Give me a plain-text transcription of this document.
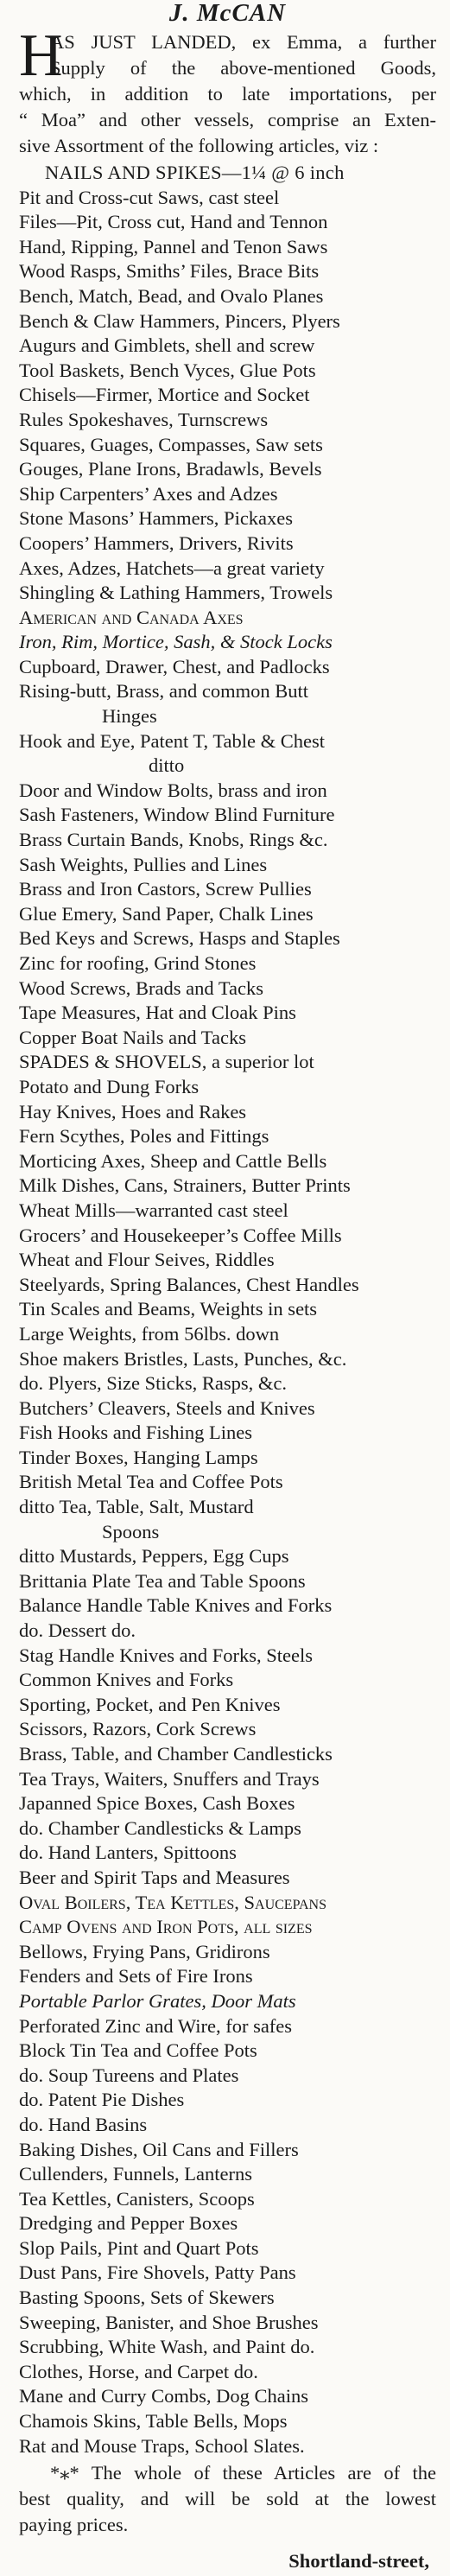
J. McCAN
H
AS JUST LANDED, ex Emma, a further
Supply of the above-mentioned Goods,
which, in addition to late importations, per
“ Moa” and other vessels, comprise an Exten-
sive Assortment of the following articles, viz :
NAILS AND SPIKES—1¼ @ 6 inch
Pit and Cross-cut Saws, cast steel
Files—Pit, Cross cut, Hand and Tennon
Hand, Ripping, Pannel and Tenon Saws
Wood Rasps, Smiths’ Files, Brace Bits
Bench, Match, Bead, and Ovalo Planes
Bench & Claw Hammers, Pincers, Plyers
Augurs and Gimblets, shell and screw
Tool Baskets, Bench Vyces, Glue Pots
Chisels—Firmer, Mortice and Socket
Rules Spokeshaves, Turnscrews
Squares, Guages, Compasses, Saw sets
Gouges, Plane Irons, Bradawls, Bevels
Ship Carpenters’ Axes and Adzes
Stone Masons’ Hammers, Pickaxes
Coopers’ Hammers, Drivers, Rivits
Axes, Adzes, Hatchets—a great variety
Shingling & Lathing Hammers, Trowels
American and Canada Axes
Iron, Rim, Mortice, Sash, & Stock Locks
Cupboard, Drawer, Chest, and Padlocks
Rising-butt, Brass, and common Butt
Hinges
Hook and Eye, Patent T, Table & Chest
ditto
Door and Window Bolts, brass and iron
Sash Fasteners, Window Blind Furniture
Brass Curtain Bands, Knobs, Rings &c.
Sash Weights, Pullies and Lines
Brass and Iron Castors, Screw Pullies
Glue Emery, Sand Paper, Chalk Lines
Bed Keys and Screws, Hasps and Staples
Zinc for roofing, Grind Stones
Wood Screws, Brads and Tacks
Tape Measures, Hat and Cloak Pins
Copper Boat Nails and Tacks
SPADES & SHOVELS, a superior lot
Potato and Dung Forks
Hay Knives, Hoes and Rakes
Fern Scythes, Poles and Fittings
Morticing Axes, Sheep and Cattle Bells
Milk Dishes, Cans, Strainers, Butter Prints
Wheat Mills—warranted cast steel
Grocers’ and Housekeeper’s Coffee Mills
Wheat and Flour Seives, Riddles
Steelyards, Spring Balances, Chest Handles
Tin Scales and Beams, Weights in sets
Large Weights, from 56lbs. down
Shoe makers Bristles, Lasts, Punches, &c.
do. Plyers, Size Sticks, Rasps, &c.
Butchers’ Cleavers, Steels and Knives
Fish Hooks and Fishing Lines
Tinder Boxes, Hanging Lamps
British Metal Tea and Coffee Pots
ditto Tea, Table, Salt, Mustard
Spoons
ditto Mustards, Peppers, Egg Cups
Brittania Plate Tea and Table Spoons
Balance Handle Table Knives and Forks
do. Dessert do.
Stag Handle Knives and Forks, Steels
Common Knives and Forks
Sporting, Pocket, and Pen Knives
Scissors, Razors, Cork Screws
Brass, Table, and Chamber Candlesticks
Tea Trays, Waiters, Snuffers and Trays
Japanned Spice Boxes, Cash Boxes
do. Chamber Candlesticks & Lamps
do. Hand Lanters, Spittoons
Beer and Spirit Taps and Measures
Oval Boilers, Tea Kettles, Saucepans
Camp Ovens and Iron Pots, all sizes
Bellows, Frying Pans, Gridirons
Fenders and Sets of Fire Irons
Portable Parlor Grates, Door Mats
Perforated Zinc and Wire, for safes
Block Tin Tea and Coffee Pots
do. Soup Tureens and Plates
do. Patent Pie Dishes
do. Hand Basins
Baking Dishes, Oil Cans and Fillers
Cullenders, Funnels, Lanterns
Tea Kettles, Canisters, Scoops
Dredging and Pepper Boxes
Slop Pails, Pint and Quart Pots
Dust Pans, Fire Shovels, Patty Pans
Basting Spoons, Sets of Skewers
Sweeping, Banister, and Shoe Brushes
Scrubbing, White Wash, and Paint do.
Clothes, Horse, and Carpet do.
Mane and Curry Combs, Dog Chains
Chamois Skins, Table Bells, Mops
Rat and Mouse Traps, School Slates.
*⁎* The whole of these Articles are of the
best quality, and will be sold at the lowest
paying prices.
Shortland-street,
